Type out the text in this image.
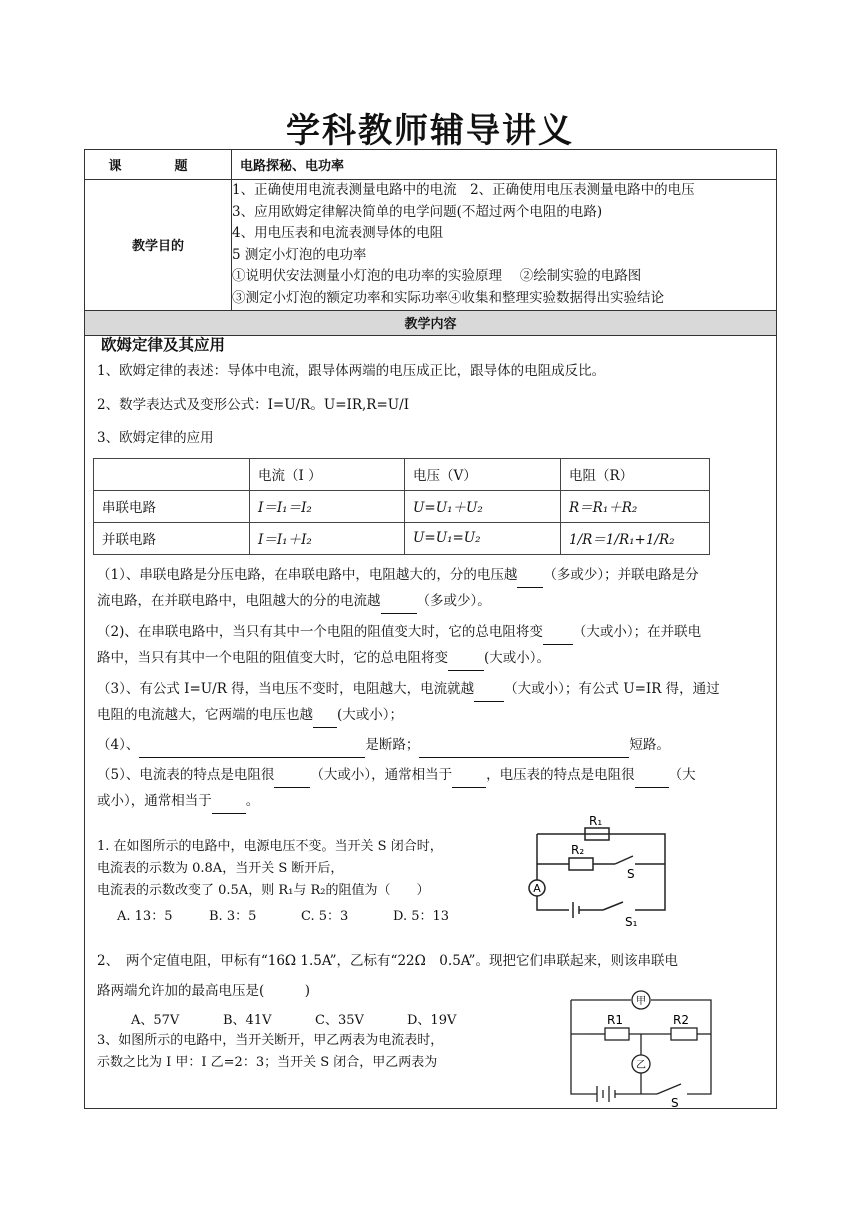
学科教师辅导讲义
课　题	电路探秘、电功率
教学目的	
1、正确使用电流表测量电路中的电流　2、正确使用电压表测量电路中的电压
3、应用欧姆定律解决简单的电学问题(不超过两个电阻的电路)
4、用电压表和电流表测导体的电阻
5 测定小灯泡的电功率
①说明伏安法测量小灯泡的电功率的实验原理　 ②绘制实验的电路图
③测定小灯泡的额定功率和实际功率④收集和整理实验数据得出实验结论

教学内容

欧姆定律及其应用

1、欧姆定律的表述：导体中电流，跟导体两端的电压成正比，跟导体的电阻成反比。

2、数学表达式及变形公式：I=U/R。U=IR,R=U/I

3、欧姆定律的应用

	电流（I ）	电压（V）	电阻（R）
串联电路	I＝I₁＝I₂	U=U₁＋U₂	R＝R₁＋R₂
并联电路	I＝I₁＋I₂	U=U₁=U₂	1/R＝1/R₁+1/R₂

（1）、串联电路是分压电路，在串联电路中，电阻越大的，分的电压越 （多或少）；并联电路是分

流电路，在并联电路中，电阻越大的分的电流越	（多或少）。

（2)、在串联电路中，当只有其中一个电阻的阻值变大时，它的总电阻将变 （大或小）；在并联电

路中，当只有其中一个电阻的阻值变大时，它的总电阻将变	(大或小）。

（3）、有公式 I=U/R 得，当电压不变时，电阻越大，电流就越 （大或小）；有公式 U=IR 得，通过

电阻的电流越大，它两端的电压也越 (大或小）；

（4）、	是断路；	短路。

（5）、电流表的特点是电阻很	（大或小），通常相当于	，电压表的特点是电阻很	（大

或小），通常相当于	。

1. 在如图所示的电路中，电源电压不变。当开关 S 闭合时，
电流表的示数为 0.8A，当开关 S 断开后，
电流表的示数改变了 0.5A，则 R₁与 R₂的阻值为（　　）

A. 13：5	B. 3：5	C. 5：3	D. 5：13

A
R₁
R₂
S
S₁

2、　两个定值电阻，甲标有“16Ω 1.5A”，乙标有“22Ω　0.5A”。现把它们串联起来，则该串联电

路两端允许加的最高电压是(　　　)

A、57V	B、41V	C、35V	D、19V

3、如图所示的电路中，当开关断开，甲乙两表为电流表时，
示数之比为 I 甲：I 乙=2：3；当开关 S 闭合，甲乙两表为

甲
R1	R2
乙
S
